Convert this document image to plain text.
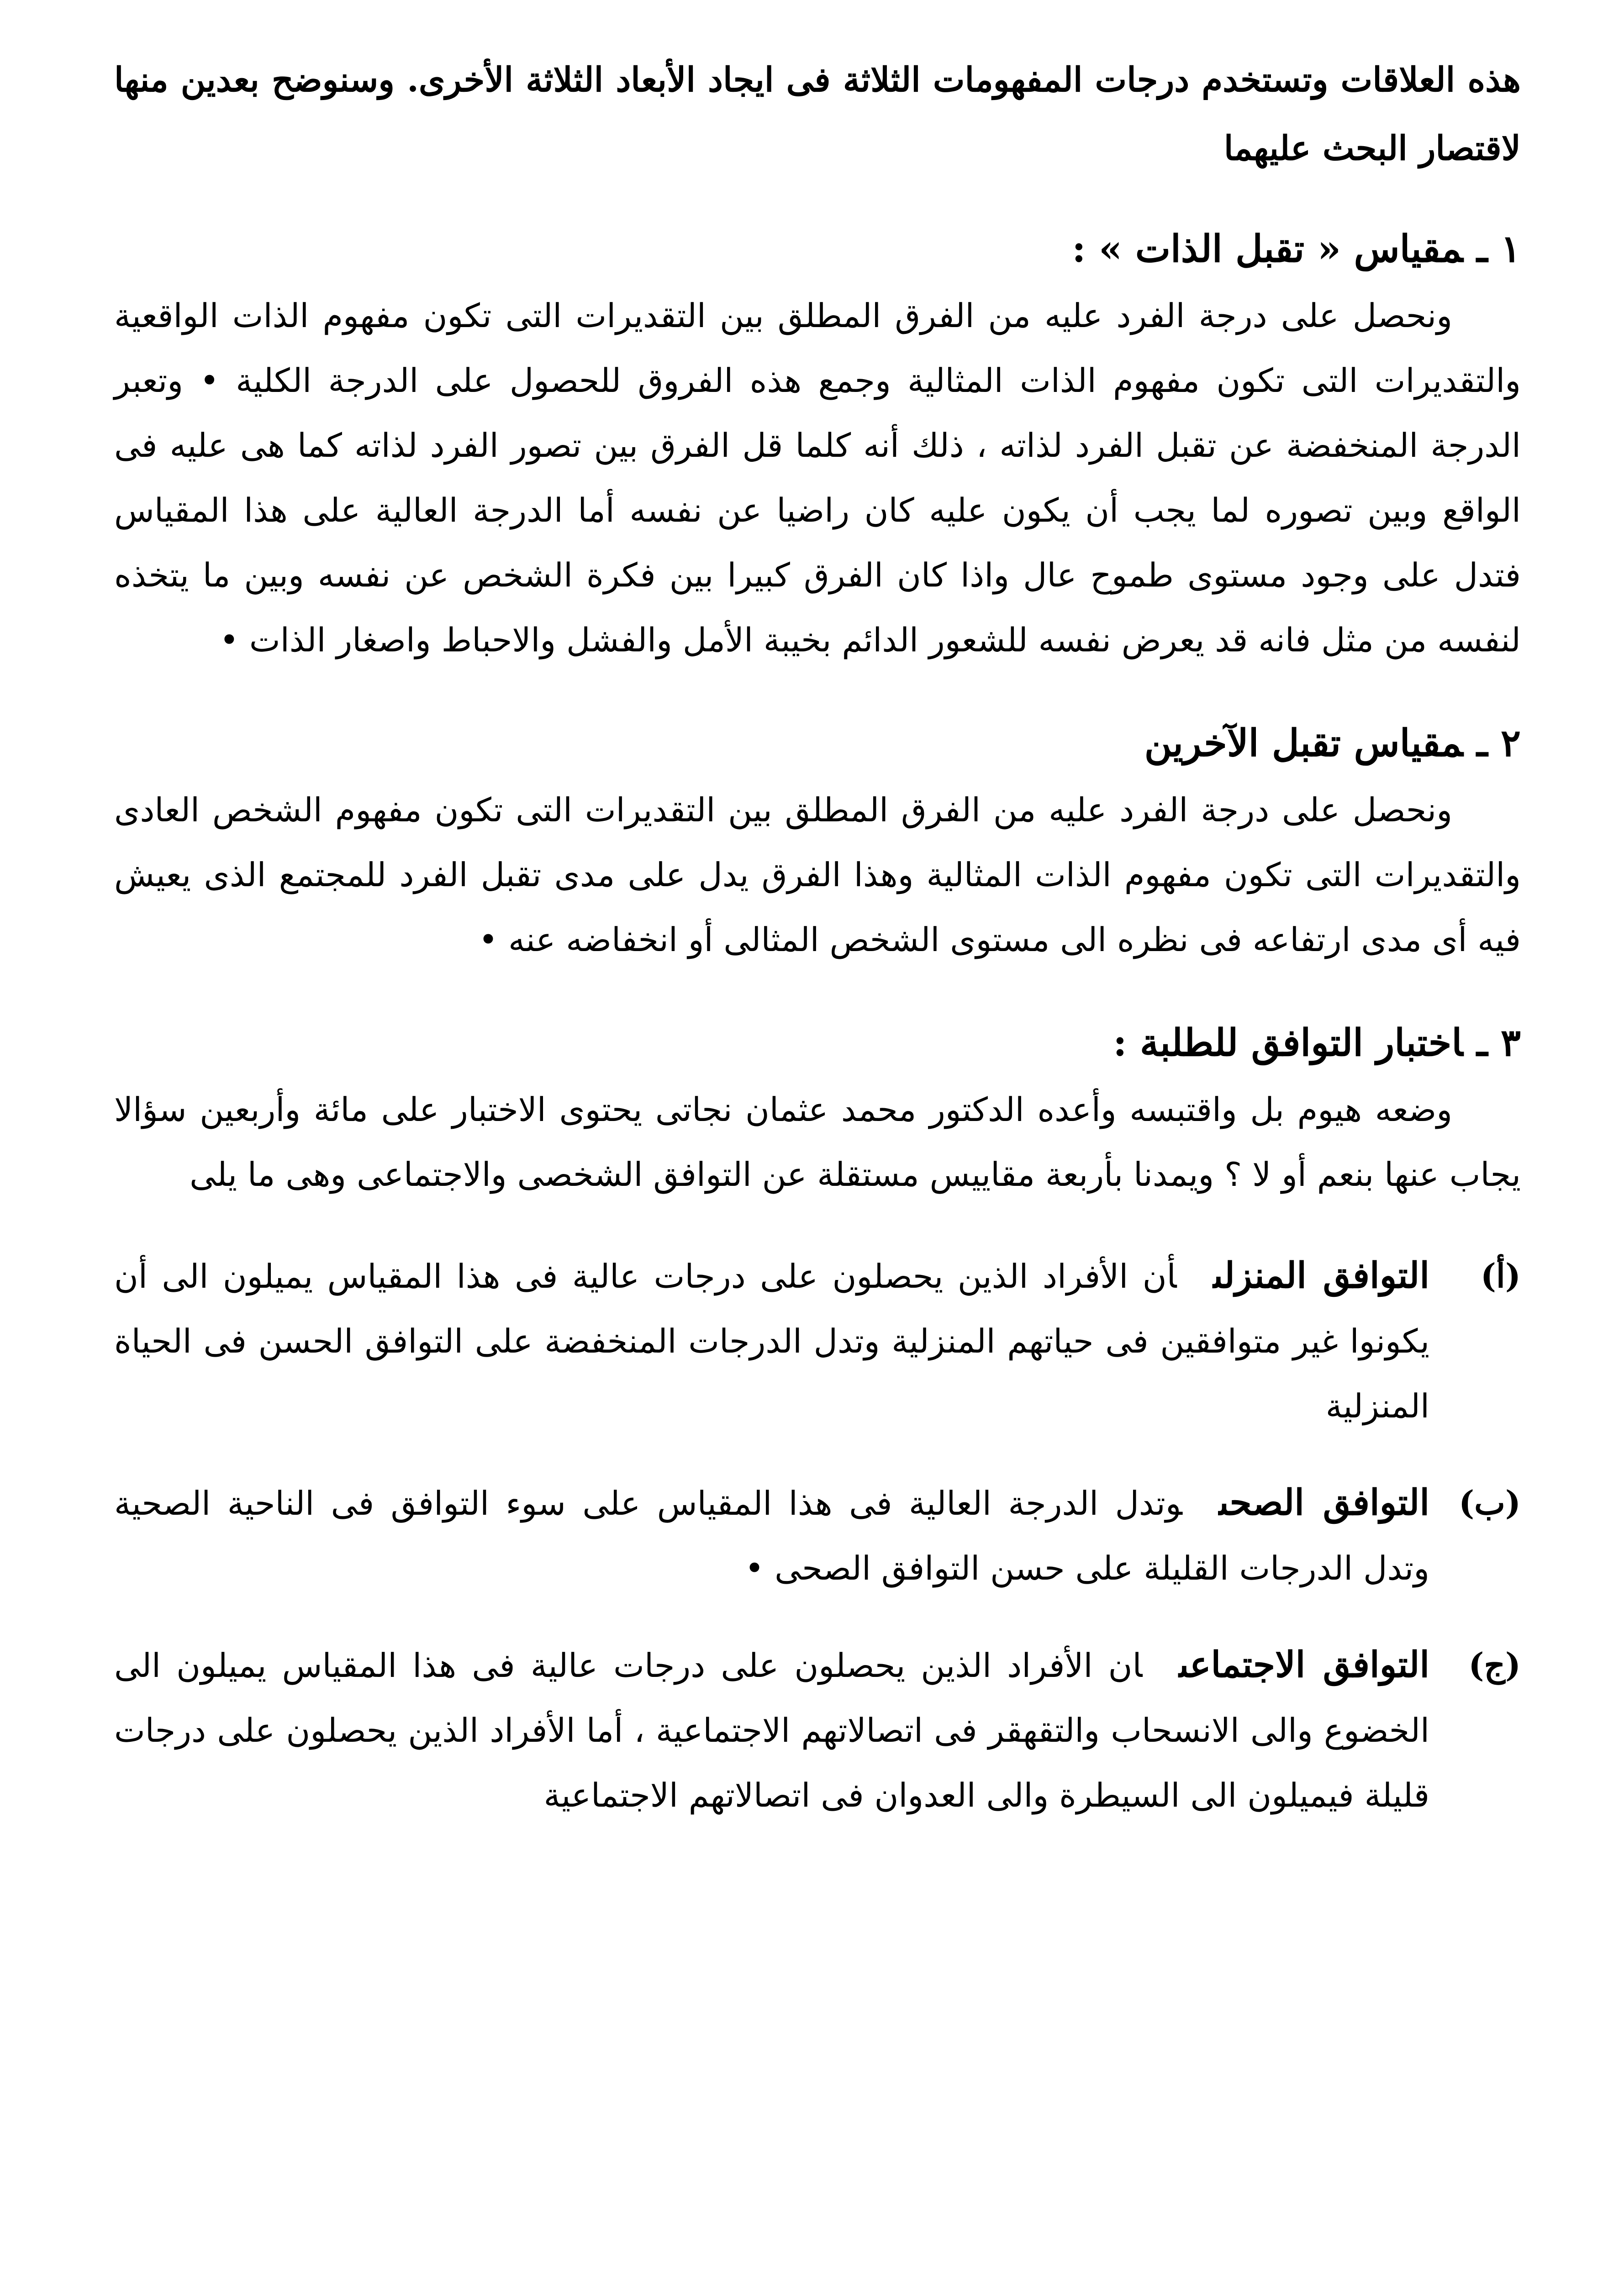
هذه العلاقات وتستخدم درجات المفهومات الثلاثة فى ايجاد الأبعاد الثلاثة الأخرى. وسنوضح بعدين منها لاقتصار البحث عليهما

١ ـمقياس « تقبل الذات » :

ونحصل على درجة الفرد عليه من الفرق المطلق بين التقديرات التى تكون مفهوم الذات الواقعية والتقديرات التى تكون مفهوم الذات المثالية وجمع هذه الفروق للحصول على الدرجة الكلية • وتعبر الدرجة المنخفضة عن تقبل الفرد لذاته ، ذلك أنه كلما قل الفرق بين تصور الفرد لذاته كما هى عليه فى الواقع وبين تصوره لما يجب أن يكون عليه كان راضيا عن نفسه أما الدرجة العالية على هذا المقياس فتدل على وجود مستوى طموح عال واذا كان الفرق كبيرا بين فكرة الشخص عن نفسه وبين ما يتخذه لنفسه من مثل فانه قد يعرض نفسه للشعور الدائم بخيبة الأمل والفشل والاحباط واصغار الذات •

٢ ـمقياس تقبل الآخرين

ونحصل على درجة الفرد عليه من الفرق المطلق بين التقديرات التى تكون مفهوم الشخص العادى والتقديرات التى تكون مفهوم الذات المثالية وهذا الفرق يدل على مدى تقبل الفرد للمجتمع الذى يعيش فيه أى مدى ارتفاعه فى نظره الى مستوى الشخص المثالى أو انخفاضه عنه •

٣ ـاختبار التوافق للطلبة :

وضعه هيوم بل واقتبسه وأعده الدكتور محمد عثمان نجاتى يحتوى الاختبار على مائة وأربعين سؤالا يجاب عنها بنعم أو لا ؟ ويمدنا بأربعة مقاييس مستقلة عن التوافق الشخصى والاجتماعى وهى ما يلى

(أ)
التوافق المنزلىأن الأفراد الذين يحصلون على درجات عالية فى هذا المقياس يميلون الى أن يكونوا غير متوافقين فى حياتهم المنزلية وتدل الدرجات المنخفضة على التوافق الحسن فى الحياة المنزلية
(ب)
التوافق الصحىوتدل الدرجة العالية فى هذا المقياس على سوء التوافق فى الناحية الصحية وتدل الدرجات القليلة على حسن التوافق الصحى •
(ج)
التوافق الاجتماعىان الأفراد الذين يحصلون على درجات عالية فى هذا المقياس يميلون الى الخضوع والى الانسحاب والتقهقر فى اتصالاتهم الاجتماعية ، أما الأفراد الذين يحصلون على درجات قليلة فيميلون الى السيطرة والى العدوان فى اتصالاتهم الاجتماعية
